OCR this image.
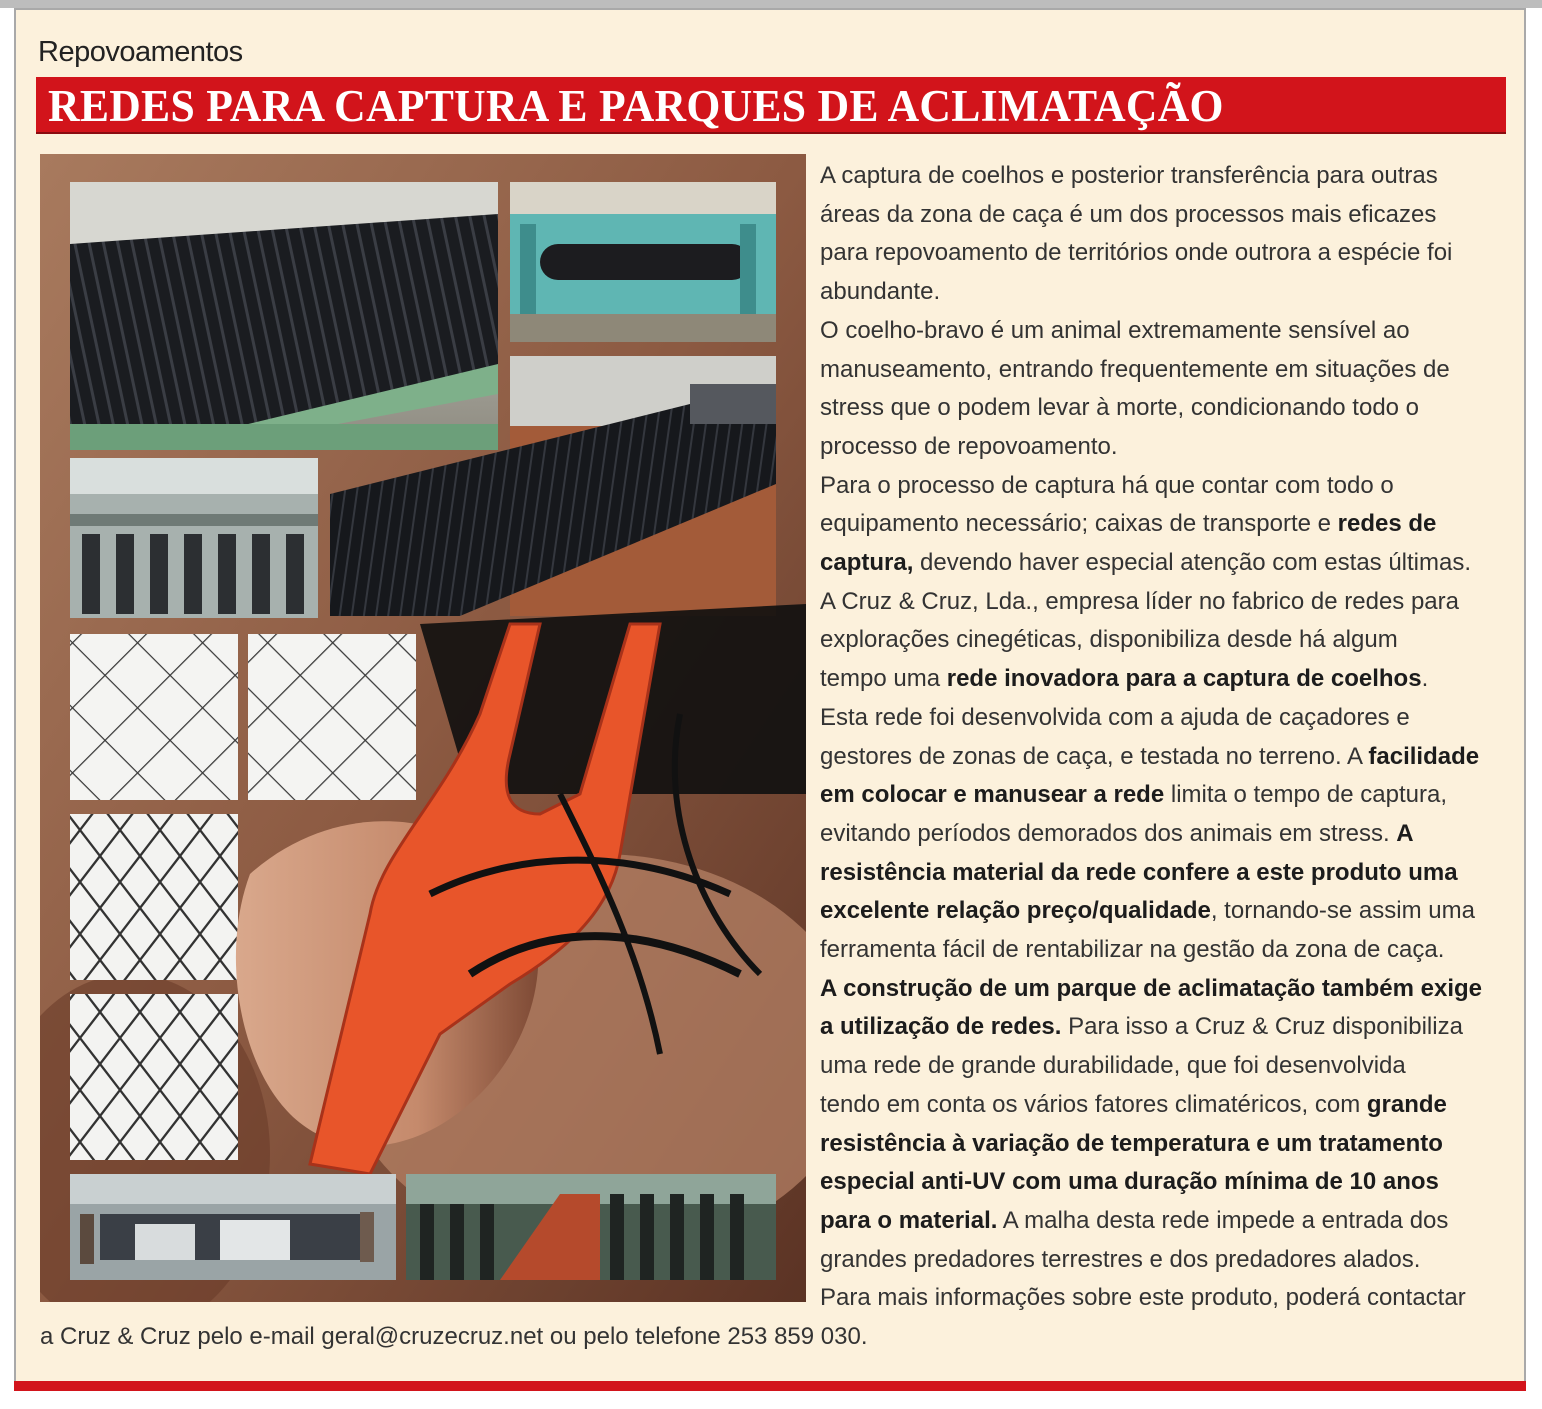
Repovoamentos
REDES PARA CAPTURA E PARQUES DE ACLIMATAÇÃO
A captura de coelhos e posterior transferência para outras
áreas da zona de caça é um dos processos mais eficazes
para repovoamento de territórios onde outrora a espécie foi
abundante.
O coelho-bravo é um animal extremamente sensível ao
manuseamento, entrando frequentemente em situações de
stress que o podem levar à morte, condicionando todo o
processo de repovoamento.
Para o processo de captura há que contar com todo o
equipamento necessário; caixas de transporte e redes de
captura, devendo haver especial atenção com estas últimas.
A Cruz & Cruz, Lda., empresa líder no fabrico de redes para
explorações cinegéticas, disponibiliza desde há algum
tempo uma rede inovadora para a captura de coelhos.
Esta rede foi desenvolvida com a ajuda de caçadores e
gestores de zonas de caça, e testada no terreno. A facilidade
em colocar e manusear a rede limita o tempo de captura,
evitando períodos demorados dos animais em stress. A
resistência material da rede confere a este produto uma
excelente relação preço/qualidade, tornando-se assim uma
ferramenta fácil de rentabilizar na gestão da zona de caça.
A construção de um parque de aclimatação também exige
a utilização de redes. Para isso a Cruz & Cruz disponibiliza
uma rede de grande durabilidade, que foi desenvolvida
tendo em conta os vários fatores climatéricos, com grande
resistência à variação de temperatura e um tratamento
especial anti-UV com uma duração mínima de 10 anos
para o material. A malha desta rede impede a entrada dos
grandes predadores terrestres e dos predadores alados.
Para mais informações sobre este produto, poderá contactar
a Cruz & Cruz pelo e-mail geral@cruzecruz.net ou pelo telefone 253 859 030.
